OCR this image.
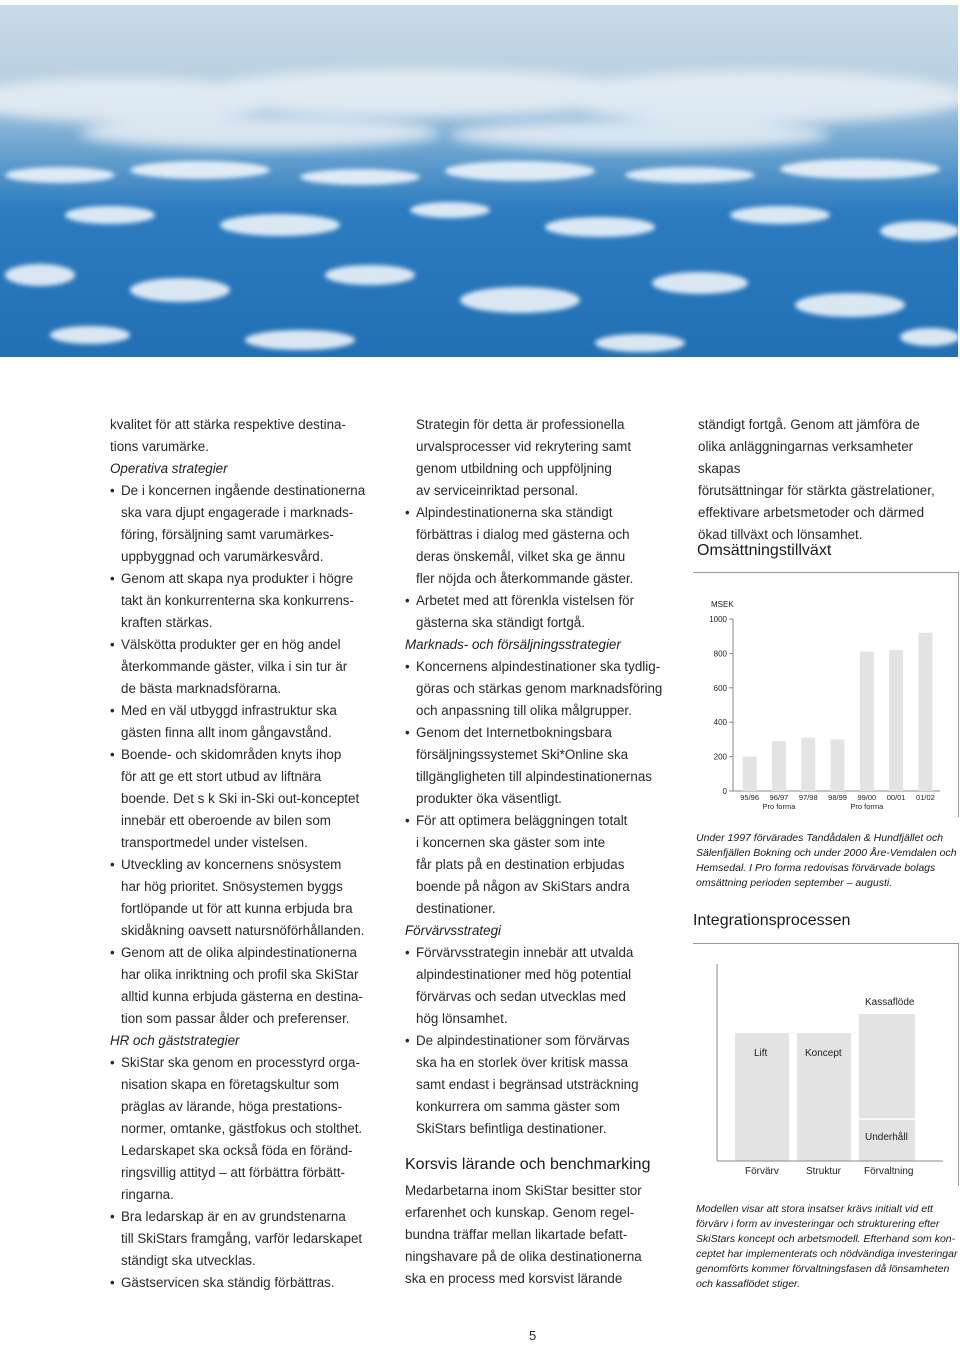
kvalitet för att stärka respektive destina-
tions varumärke.

Operativa strategier

• De i koncernen ingående destinationerna
ska vara djupt engagerade i marknads-
föring, försäljning samt varumärkes-
uppbyggnad och varumärkesvård.
• Genom att skapa nya produkter i högre
takt än konkurrenterna ska konkurrens-
kraften stärkas.
• Välskötta produkter ger en hög andel
återkommande gäster, vilka i sin tur är
de bästa marknadsförarna.
• Med en väl utbyggd infrastruktur ska
gästen finna allt inom gångavstånd.
• Boende- och skidområden knyts ihop
för att ge ett stort utbud av liftnära
boende. Det s k Ski in-Ski out-konceptet
innebär ett oberoende av bilen som
transportmedel under vistelsen.
• Utveckling av koncernens snösystem
har hög prioritet. Snösystemen byggs
fortlöpande ut för att kunna erbjuda bra
skidåkning oavsett natursnöförhållanden.
• Genom att de olika alpindestinationerna
har olika inriktning och profil ska SkiStar
alltid kunna erbjuda gästerna en destina-
tion som passar ålder och preferenser.

HR och gäststrategier

• SkiStar ska genom en processtyrd orga-
nisation skapa en företagskultur som
präglas av lärande, höga prestations-
normer, omtanke, gästfokus och stolthet.
Ledarskapet ska också föda en föränd-
ringsvillig attityd – att förbättra förbätt-
ringarna.
• Bra ledarskap är en av grundstenarna
till SkiStars framgång, varför ledarskapet
ständigt ska utvecklas.
• Gästservicen ska ständig förbättras.
Strategin för detta är professionella
urvalsprocesser vid rekrytering samt
genom utbildning och uppföljning
av serviceinriktad personal.
• Alpindestinationerna ska ständigt
förbättras i dialog med gästerna och
deras önskemål, vilket ska ge ännu
fler nöjda och återkommande gäster.
• Arbetet med att förenkla vistelsen för
gästerna ska ständigt fortgå.

Marknads- och försäljningsstrategier

• Koncernens alpindestinationer ska tydlig-
göras och stärkas genom marknadsföring
och anpassning till olika målgrupper.
• Genom det Internetbokningsbara
försäljningssystemet Ski*Online ska
tillgängligheten till alpindestinationernas
produkter öka väsentligt.
• För att optimera beläggningen totalt
i koncernen ska gäster som inte
får plats på en destination erbjudas
boende på någon av SkiStars andra
destinationer.

Förvärvsstrategi

• Förvärvsstrategin innebär att utvalda
alpindestinationer med hög potential
förvärvas och sedan utvecklas med
hög lönsamhet.
• De alpindestinationer som förvärvas
ska ha en storlek över kritisk massa
samt endast i begränsad utsträckning
konkurrera om samma gäster som
SkiStars befintliga destinationer.
Korsvis lärande och benchmarking
Medarbetarna inom SkiStar besitter stor
erfarenhet och kunskap. Genom regel-
bundna träffar mellan likartade befatt-
ningshavare på de olika destinationerna
ska en process med korsvist lärande
ständigt fortgå. Genom att jämföra de
olika anläggningarnas verksamheter skapas
förutsättningar för stärkta gästrelationer,
effektivare arbetsmetoder och därmed
ökad tillväxt och lönsamhet.
Omsättningstillväxt
MSEK
0
200
400
600
800
1000
95/96 96/97 97/98 98/99 99/00 00/01 01/02
Pro forma	Pro forma
Under 1997 förvärades Tandådalen & Hundfjället och
Sälenfjällen Bokning och under 2000 Åre-Vemdalen och
Hemsedal. I Pro forma redovisas förvärvade bolags
omsättning perioden september – augusti.
Integrationsprocessen
Lift	Koncept
Kassaflöde
Underhåll
Förvärv	Struktur Förvaltning
Modellen visar att stora insatser krävs initialt vid ett
förvärv i form av investeringar och strukturering efter
SkiStars koncept och arbetsmodell. Efterhand som kon-
ceptet har implementerats och nödvändiga investeringar
genomförts kommer förvaltningsfasen då lönsamheten
och kassaflödet stiger.
5
